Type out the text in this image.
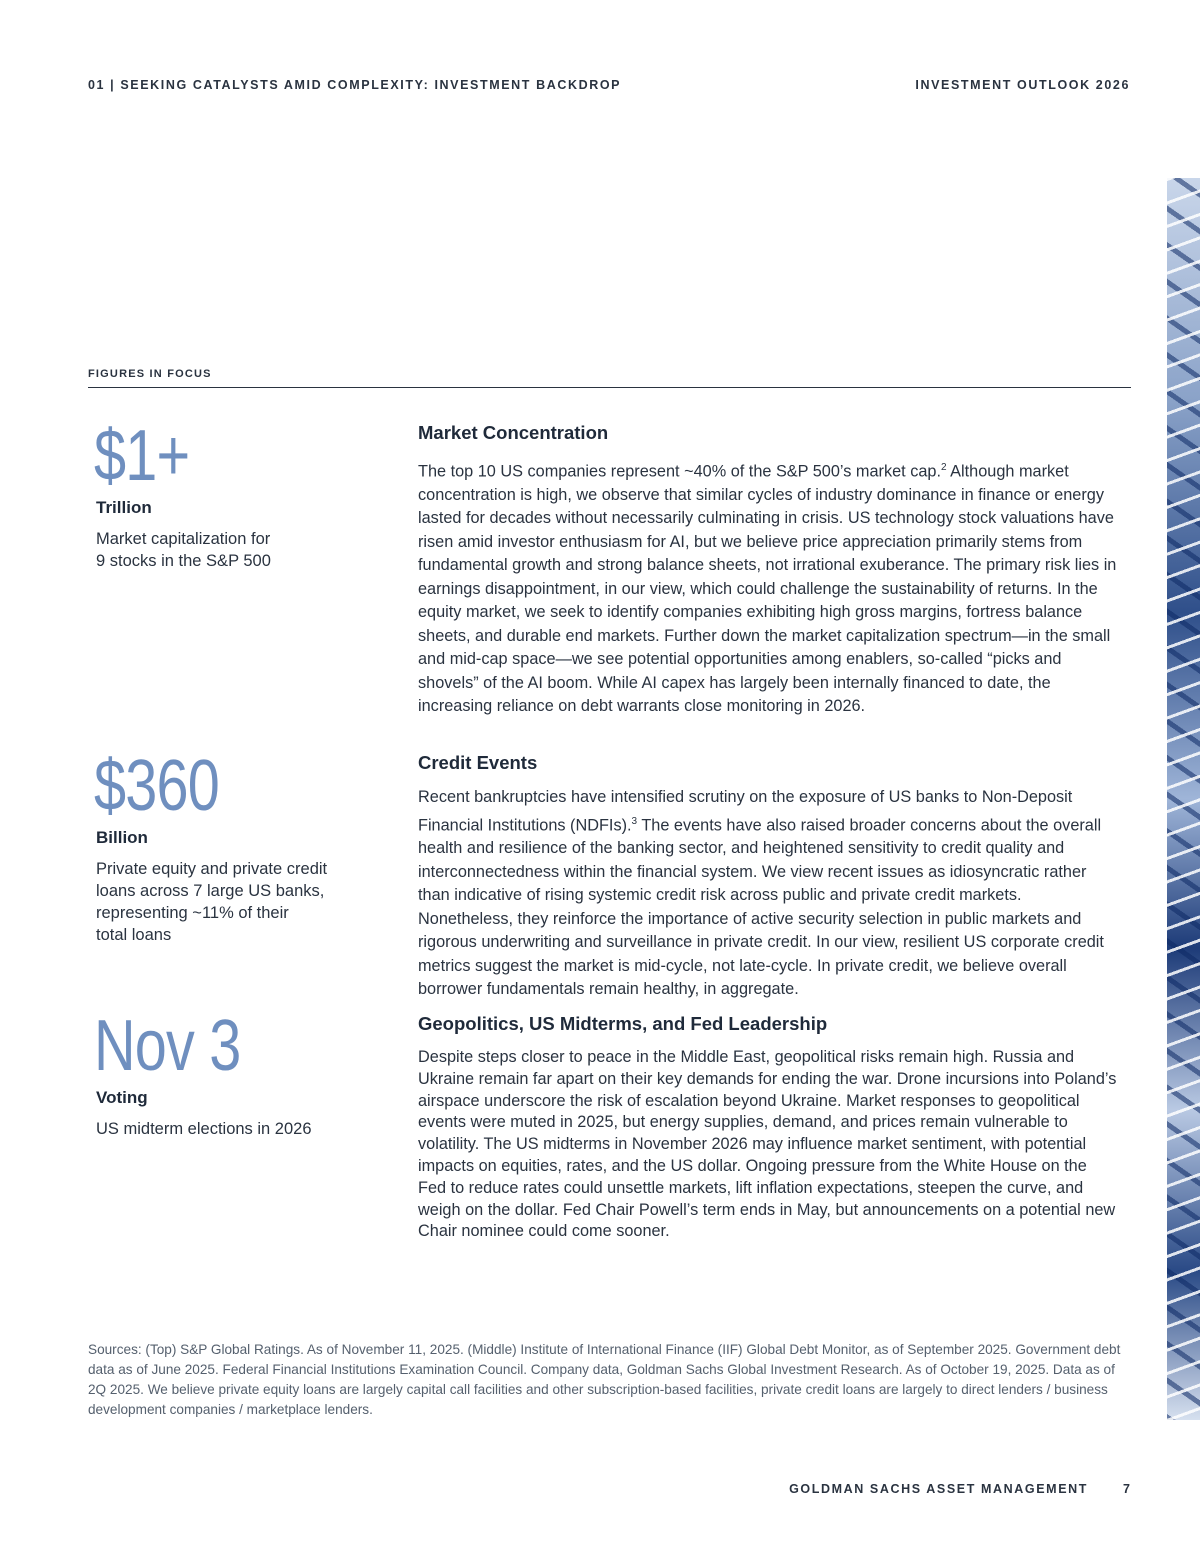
01 | SEEKING CATALYSTS AMID COMPLEXITY: INVESTMENT BACKDROP	INVESTMENT OUTLOOK 2026
FIGURES IN FOCUS
$1+
Trillion
Market capitalization for
9 stocks in the S&P 500
$360
Billion
Private equity and private credit
loans across 7 large US banks,
representing ~11% of their
total loans
Nov 3
Voting
US midterm elections in 2026
Market Concentration
The top 10 US companies represent ~40% of the S&P 500’s market cap.$^2$ Although market concentration is high, we observe that similar cycles of industry dominance in finance or energy lasted for decades without necessarily culminating in crisis. US technology stock valuations have risen amid investor enthusiasm for AI, but we believe price appreciation primarily stems from fundamental growth and strong balance sheets, not irrational exuberance. The primary risk lies in earnings disappointment, in our view, which could challenge the sustainability of returns. In the equity market, we seek to identify companies exhibiting high gross margins, fortress balance sheets, and durable end markets. Further down the market capitalization spectrum—in the small and mid-cap space—we see potential opportunities among enablers, so-called “picks and shovels” of the AI boom. While AI capex has largely been internally financed to date, the increasing reliance on debt warrants close monitoring in 2026.
Credit Events
Recent bankruptcies have intensified scrutiny on the exposure of US banks to Non-Deposit Financial Institutions (NDFIs).$^3$ The events have also raised broader concerns about the overall health and resilience of the banking sector, and heightened sensitivity to credit quality and interconnectedness within the financial system. We view recent issues as idiosyncratic rather than indicative of rising systemic credit risk across public and private credit markets. Nonetheless, they reinforce the importance of active security selection in public markets and rigorous underwriting and surveillance in private credit. In our view, resilient US corporate credit metrics suggest the market is mid-cycle, not late-cycle. In private credit, we believe overall borrower fundamentals remain healthy, in aggregate.
Geopolitics, US Midterms, and Fed Leadership
Despite steps closer to peace in the Middle East, geopolitical risks remain high. Russia and Ukraine remain far apart on their key demands for ending the war. Drone incursions into Poland’s airspace underscore the risk of escalation beyond Ukraine. Market responses to geopolitical events were muted in 2025, but energy supplies, demand, and prices remain vulnerable to volatility. The US midterms in November 2026 may influence market sentiment, with potential impacts on equities, rates, and the US dollar. Ongoing pressure from the White House on the Fed to reduce rates could unsettle markets, lift inflation expectations, steepen the curve, and weigh on the dollar. Fed Chair Powell’s term ends in May, but announcements on a potential new Chair nominee could come sooner.
Sources: (Top) S&P Global Ratings. As of November 11, 2025. (Middle) Institute of International Finance (IIF) Global Debt Monitor, as of September 2025. Government debt data as of June 2025. Federal Financial Institutions Examination Council. Company data, Goldman Sachs Global Investment Research. As of October 19, 2025. Data as of 2Q 2025. We believe private equity loans are largely capital call facilities and other subscription-based facilities, private credit loans are largely to direct lenders / business development companies / marketplace lenders.
GOLDMAN SACHS ASSET MANAGEMENT	7
